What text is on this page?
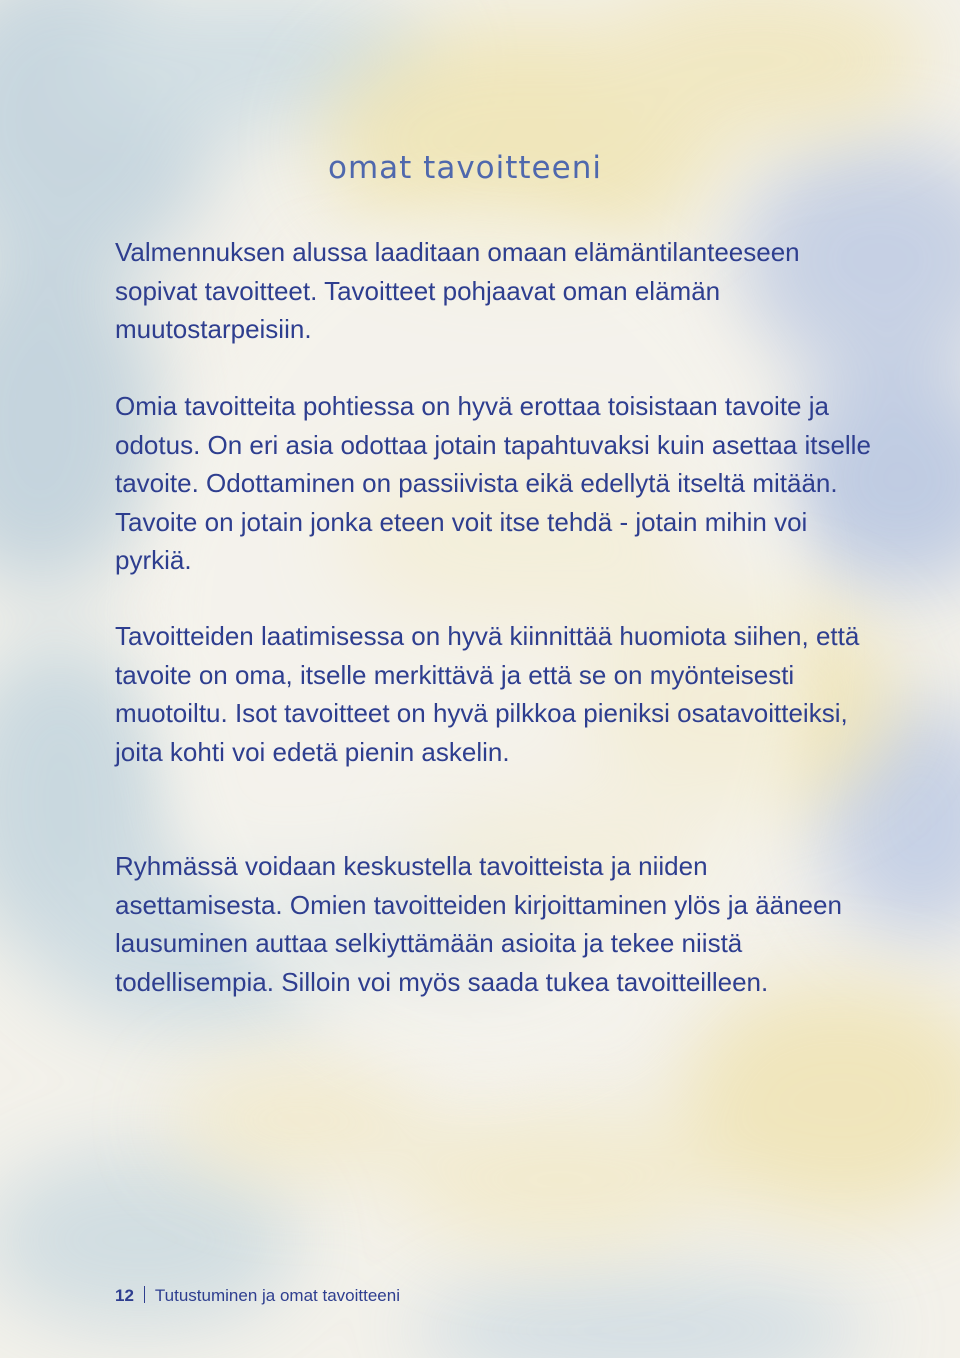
omat tavoitteeni

Valmennuksen alussa laaditaan omaan elämäntilanteeseen sopivat tavoitteet. Tavoitteet pohjaavat oman elämän muutostarpeisiin.

Omia tavoitteita pohtiessa on hyvä erottaa toisistaan tavoite ja odotus. On eri asia odottaa jotain tapahtuvaksi kuin asettaa itselle tavoite. Odottaminen on passiivista eikä edellytä itseltä mitään. Tavoite on jotain jonka eteen voit itse tehdä - jotain mihin voi pyrkiä.

Tavoitteiden laatimisessa on hyvä kiinnittää huomiota siihen, että tavoite on oma, itselle merkittävä ja että se on myönteisesti muotoiltu. Isot tavoitteet on hyvä pilkkoa pieniksi osatavoitteiksi, joita kohti voi edetä pienin askelin.

Ryhmässä voidaan keskustella tavoitteista ja niiden asettamisesta. Omien tavoitteiden kirjoittaminen ylös ja ääneen lausuminen auttaa selkiyttämään asioita ja tekee niistä todellisempia. Silloin voi myös saada tukea tavoitteilleen.

12 Tutustuminen ja omat tavoitteeni
